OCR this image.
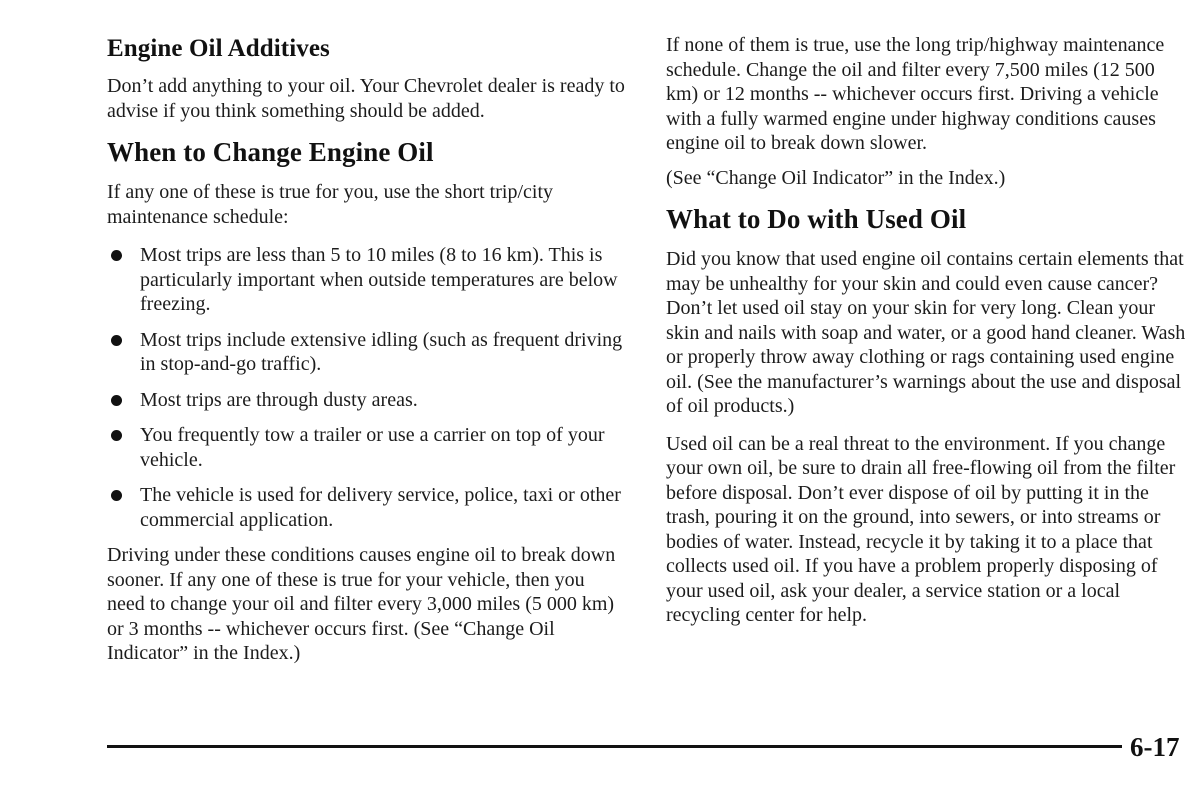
Engine Oil Additives

Don’t add anything to your oil. Your Chevrolet dealer is ready to advise if you think something should be added.

When to Change Engine Oil

If any one of these is true for you, use the short trip/city maintenance schedule:

Most trips are less than 5 to 10 miles (8 to 16 km). This is particularly important when outside temperatures are below freezing.
Most trips include extensive idling (such as frequent driving in stop-and-go traffic).
Most trips are through dusty areas.
You frequently tow a trailer or use a carrier on top of your vehicle.
The vehicle is used for delivery service, police, taxi or other commercial application.

Driving under these conditions causes engine oil to break down sooner. If any one of these is true for your vehicle, then you need to change your oil and filter every 3,000 miles (5 000 km) or 3 months -- whichever occurs first. (See “Change Oil Indicator” in the Index.)

If none of them is true, use the long trip/highway maintenance schedule. Change the oil and filter every 7,500 miles (12 500 km) or 12 months -- whichever occurs first. Driving a vehicle with a fully warmed engine under highway conditions causes engine oil to break down slower.

(See “Change Oil Indicator” in the Index.)

What to Do with Used Oil

Did you know that used engine oil contains certain elements that may be unhealthy for your skin and could even cause cancer? Don’t let used oil stay on your skin for very long. Clean your skin and nails with soap and water, or a good hand cleaner. Wash or properly throw away clothing or rags containing used engine oil. (See the manufacturer’s warnings about the use and disposal of oil products.)

Used oil can be a real threat to the environment. If you change your own oil, be sure to drain all free-flowing oil from the filter before disposal. Don’t ever dispose of oil by putting it in the trash, pouring it on the ground, into sewers, or into streams or bodies of water. Instead, recycle it by taking it to a place that collects used oil. If you have a problem properly disposing of your used oil, ask your dealer, a service station or a local recycling center for help.

6-17
